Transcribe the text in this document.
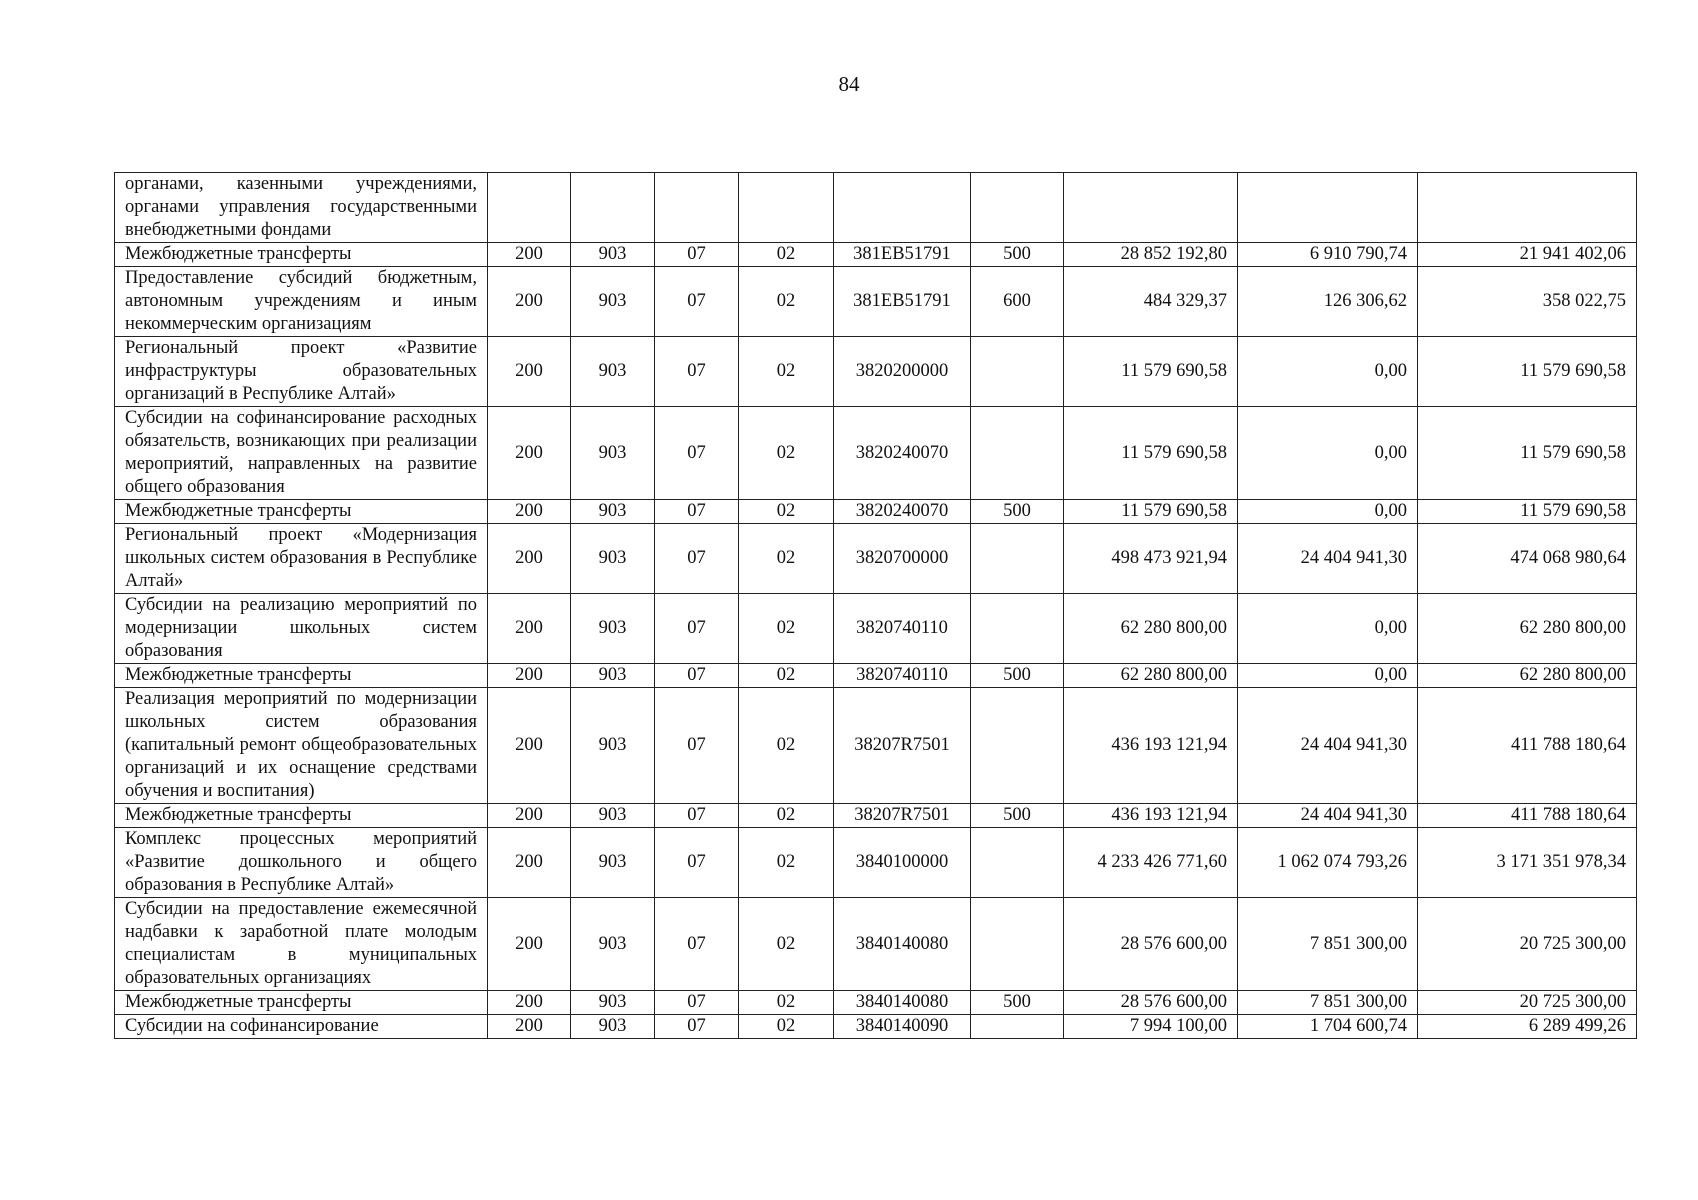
84
органами, казенными учреждениями, органами управления государственными внебюджетными фондами									
Межбюджетные трансферты	200	903	07	02	381EB51791	500	28 852 192,80	6 910 790,74	21 941 402,06
Предоставление субсидий бюджетным, автономным учреждениям и иным некоммерческим организациям	200	903	07	02	381EB51791	600	484 329,37	126 306,62	358 022,75
Региональный проект «Развитие инфраструктуры образовательных организаций в Республике Алтай»	200	903	07	02	3820200000		11 579 690,58	0,00	11 579 690,58
Субсидии на софинансирование расходных обязательств, возникающих при реализации мероприятий, направленных на развитие общего образования	200	903	07	02	3820240070		11 579 690,58	0,00	11 579 690,58
Межбюджетные трансферты	200	903	07	02	3820240070	500	11 579 690,58	0,00	11 579 690,58
Региональный проект «Модернизация школьных систем образования в Республике Алтай»	200	903	07	02	3820700000		498 473 921,94	24 404 941,30	474 068 980,64
Субсидии на реализацию мероприятий по модернизации школьных систем образования	200	903	07	02	3820740110		62 280 800,00	0,00	62 280 800,00
Межбюджетные трансферты	200	903	07	02	3820740110	500	62 280 800,00	0,00	62 280 800,00
Реализация мероприятий по модернизации школьных систем образования (капитальный ремонт общеобразовательных организаций и их оснащение средствами обучения и воспитания)	200	903	07	02	38207R7501		436 193 121,94	24 404 941,30	411 788 180,64
Межбюджетные трансферты	200	903	07	02	38207R7501	500	436 193 121,94	24 404 941,30	411 788 180,64
Комплекс процессных мероприятий «Развитие дошкольного и общего образования в Республике Алтай»	200	903	07	02	3840100000		4 233 426 771,60	1 062 074 793,26	3 171 351 978,34
Субсидии на предоставление ежемесячной надбавки к заработной плате молодым специалистам в муниципальных образовательных организациях	200	903	07	02	3840140080		28 576 600,00	7 851 300,00	20 725 300,00
Межбюджетные трансферты	200	903	07	02	3840140080	500	28 576 600,00	7 851 300,00	20 725 300,00
Субсидии на софинансирование	200	903	07	02	3840140090		7 994 100,00	1 704 600,74	6 289 499,26
